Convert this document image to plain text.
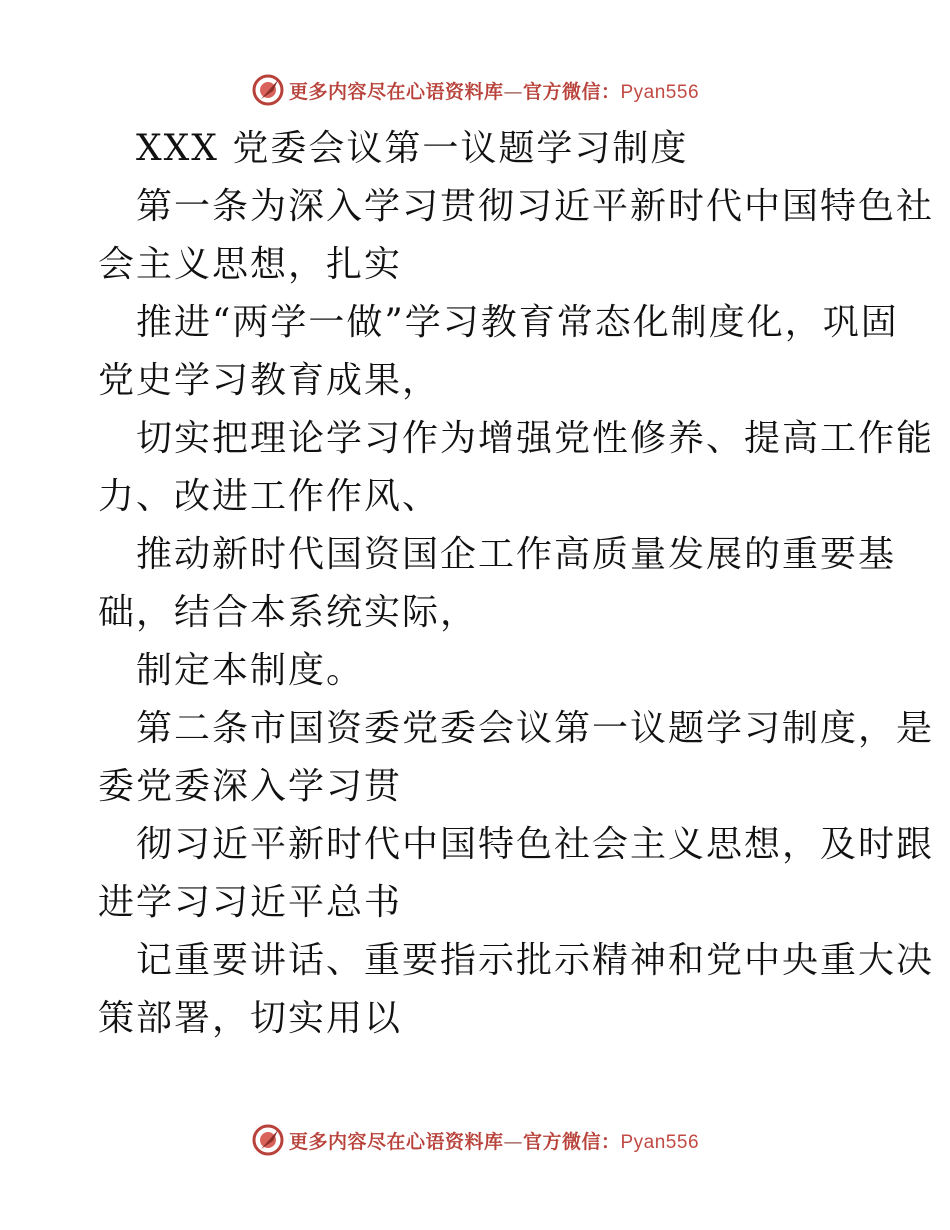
更多内容尽在心语资料库—官方微信：Pyan556
XXX 党委会议第一议题学习制度
第一条为深入学习贯彻习近平新时代中国特色社
会主义思想，扎实
推进“两学一做”学习教育常态化制度化，巩固
党史学习教育成果，
切实把理论学习作为增强党性修养、提高工作能
力、改进工作作风、
推动新时代国资国企工作高质量发展的重要基
础，结合本系统实际，
制定本制度。
第二条市国资委党委会议第一议题学习制度，是
委党委深入学习贯
彻习近平新时代中国特色社会主义思想，及时跟
进学习习近平总书
记重要讲话、重要指示批示精神和党中央重大决
策部署，切实用以
更多内容尽在心语资料库—官方微信：Pyan556
